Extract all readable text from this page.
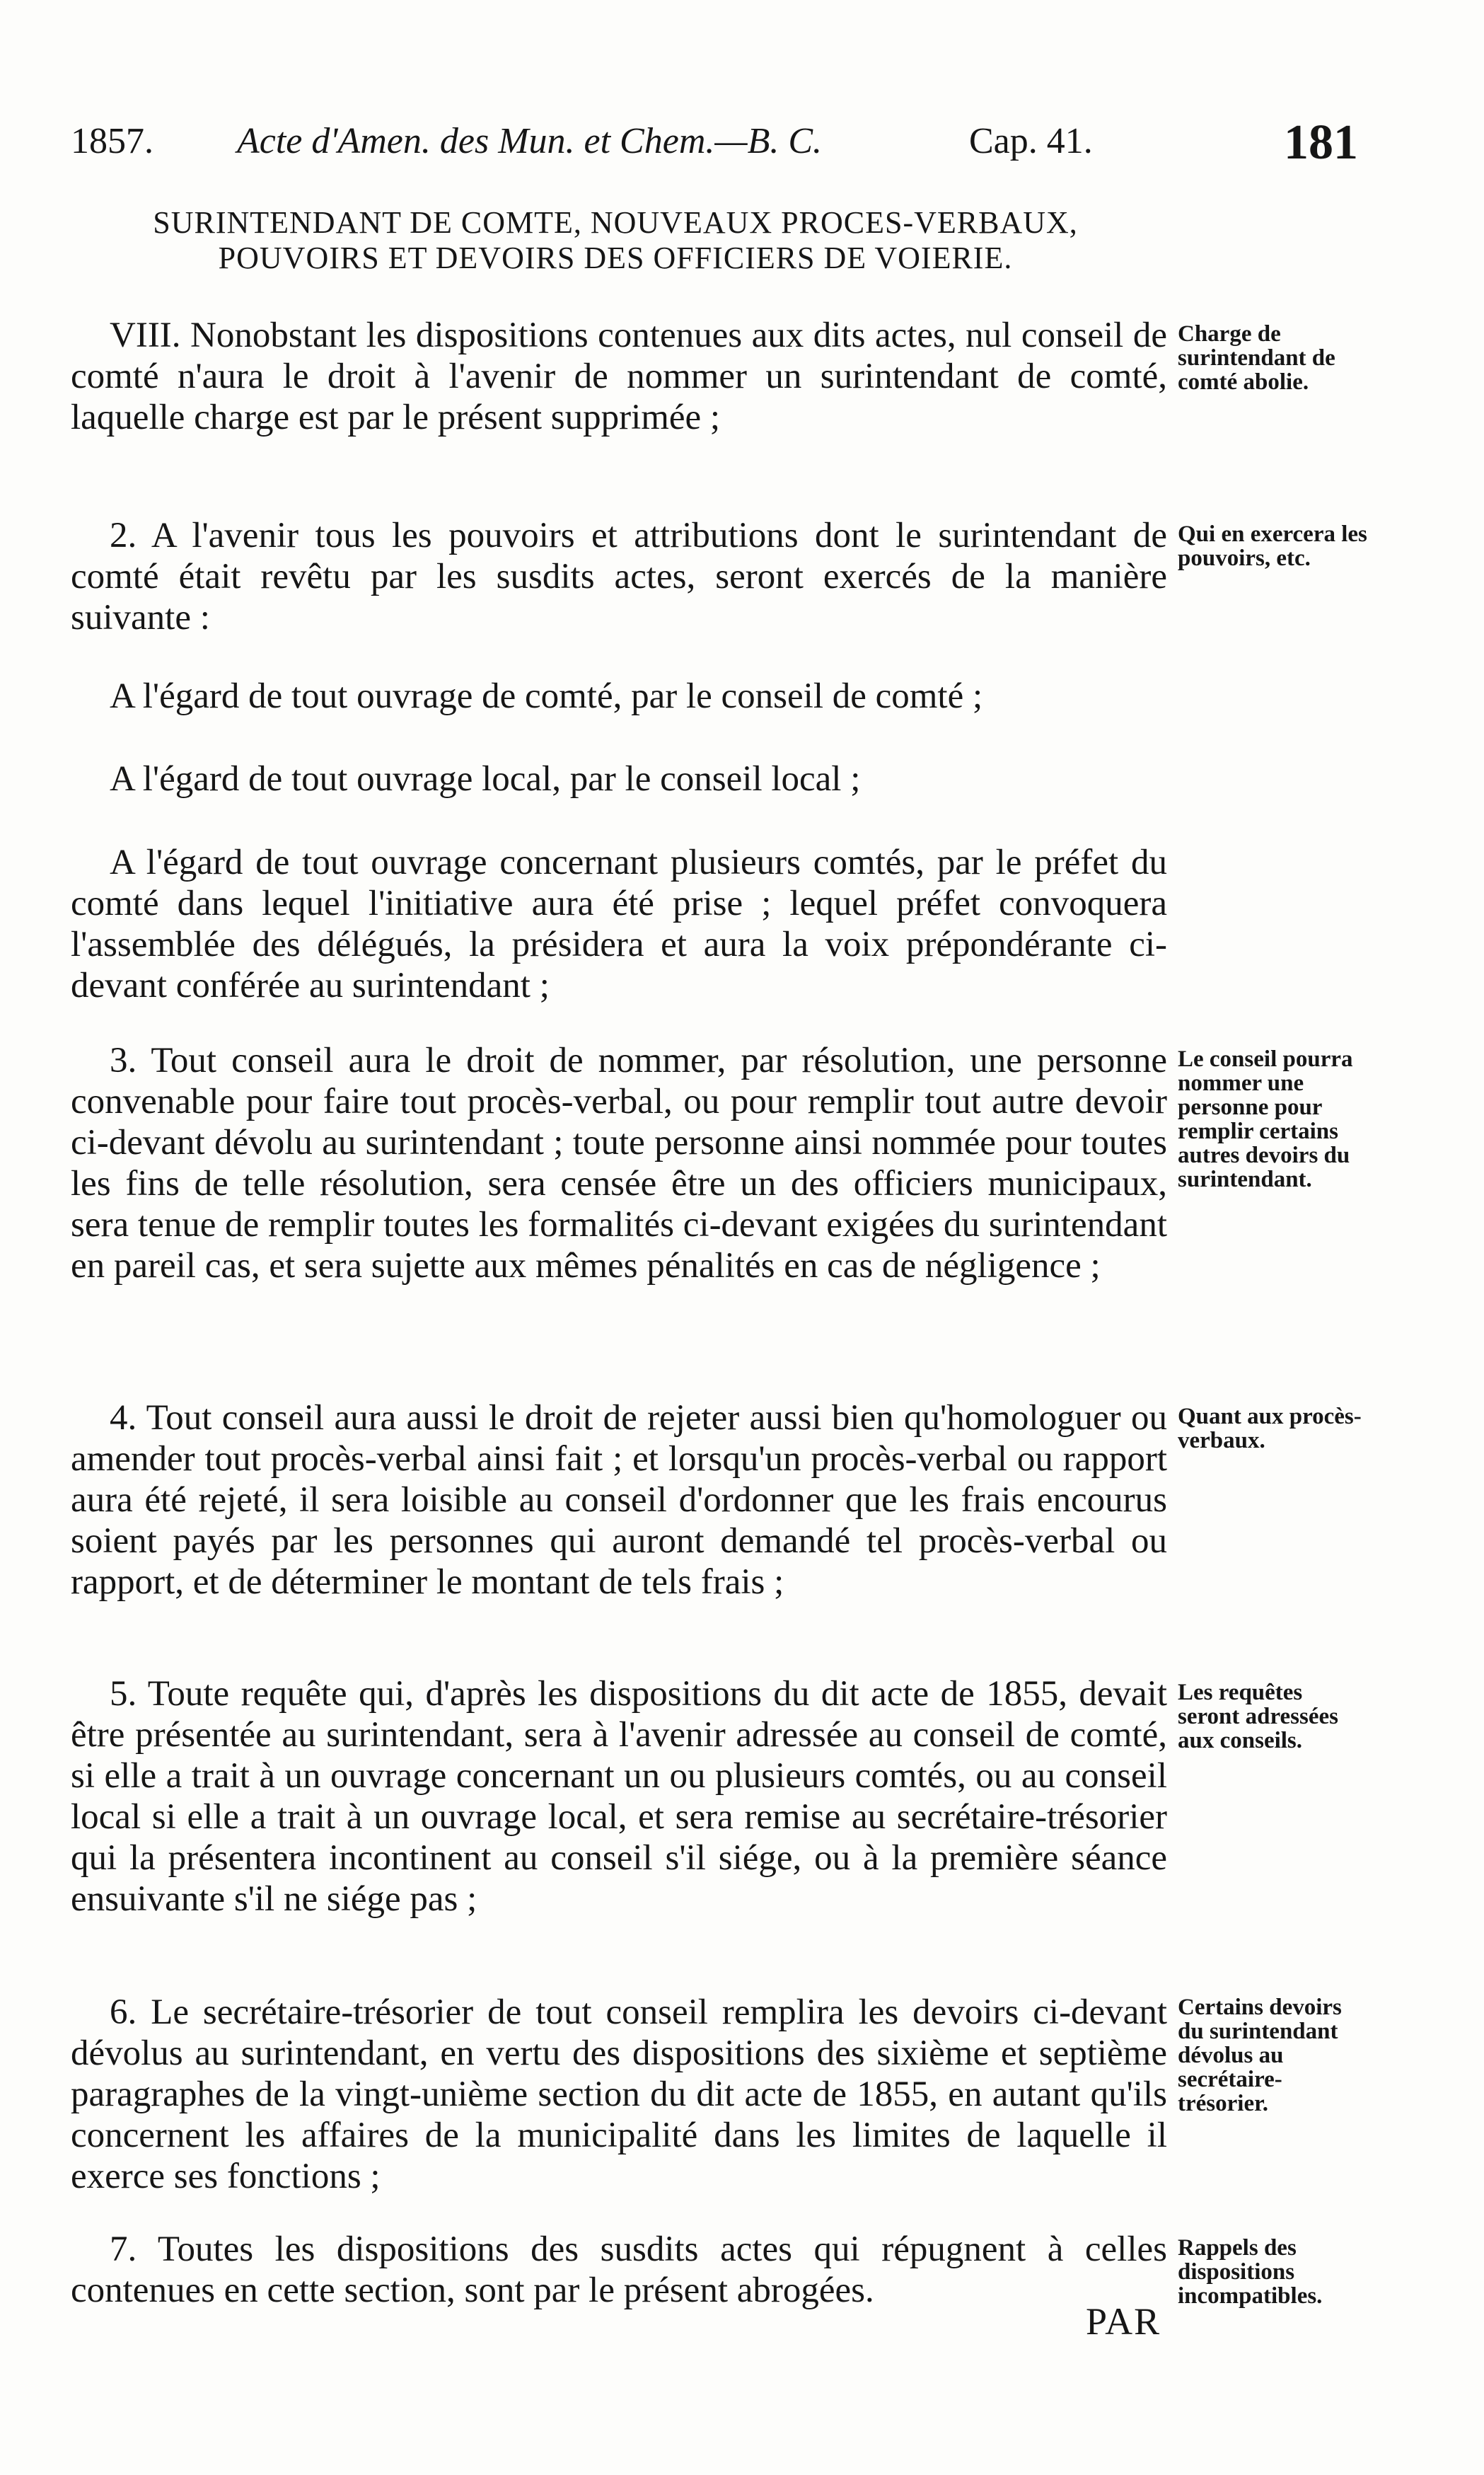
1857. Acte d'Amen. des Mun. et Chem.—B. C.	Cap. 41.	181
SURINTENDANT DE COMTE, NOUVEAUX PROCES-VERBAUX, POUVOIRS ET DEVOIRS DES OFFICIERS DE VOIERIE.
VIII. Nonobstant les dispositions contenues aux dits actes, nul conseil de comté n'aura le droit à l'avenir de nommer un surintendant de comté, laquelle charge est par le présent supprimée ;
Charge de surintendant de comté abolie.
2. A l'avenir tous les pouvoirs et attributions dont le surintendant de comté était revêtu par les susdits actes, seront exercés de la manière suivante :
Qui en exercera les pouvoirs, etc.
A l'égard de tout ouvrage de comté, par le conseil de comté ;
A l'égard de tout ouvrage local, par le conseil local ;
A l'égard de tout ouvrage concernant plusieurs comtés, par le préfet du comté dans lequel l'initiative aura été prise ; lequel préfet convoquera l'assemblée des délégués, la présidera et aura la voix prépondérante ci-devant conférée au surintendant ;
3. Tout conseil aura le droit de nommer, par résolution, une personne convenable pour faire tout procès-verbal, ou pour remplir tout autre devoir ci-devant dévolu au surintendant ; toute personne ainsi nommée pour toutes les fins de telle résolution, sera censée être un des officiers municipaux, sera tenue de remplir toutes les formalités ci-devant exigées du surintendant en pareil cas, et sera sujette aux mêmes pénalités en cas de négligence ;
Le conseil pourra nommer une personne pour remplir certains autres devoirs du surintendant.
4. Tout conseil aura aussi le droit de rejeter aussi bien qu'homologuer ou amender tout procès-verbal ainsi fait ; et lorsqu'un procès-verbal ou rapport aura été rejeté, il sera loisible au conseil d'ordonner que les frais encourus soient payés par les personnes qui auront demandé tel procès-verbal ou rapport, et de déterminer le montant de tels frais ;
Quant aux procès-verbaux.
5. Toute requête qui, d'après les dispositions du dit acte de 1855, devait être présentée au surintendant, sera à l'avenir adressée au conseil de comté, si elle a trait à un ouvrage concernant un ou plusieurs comtés, ou au conseil local si elle a trait à un ouvrage local, et sera remise au secrétaire-trésorier qui la présentera incontinent au conseil s'il siége, ou à la première séance ensuivante s'il ne siége pas ;
Les requêtes seront adressées aux conseils.
6. Le secrétaire-trésorier de tout conseil remplira les devoirs ci-devant dévolus au surintendant, en vertu des dispositions des sixième et septième paragraphes de la vingt-unième section du dit acte de 1855, en autant qu'ils concernent les affaires de la municipalité dans les limites de laquelle il exerce ses fonctions ;
Certains devoirs du surintendant dévolus au secrétaire-trésorier.
7. Toutes les dispositions des susdits actes qui répugnent à celles contenues en cette section, sont par le présent abrogées.
Rappels des dispositions incompatibles.
PAR
